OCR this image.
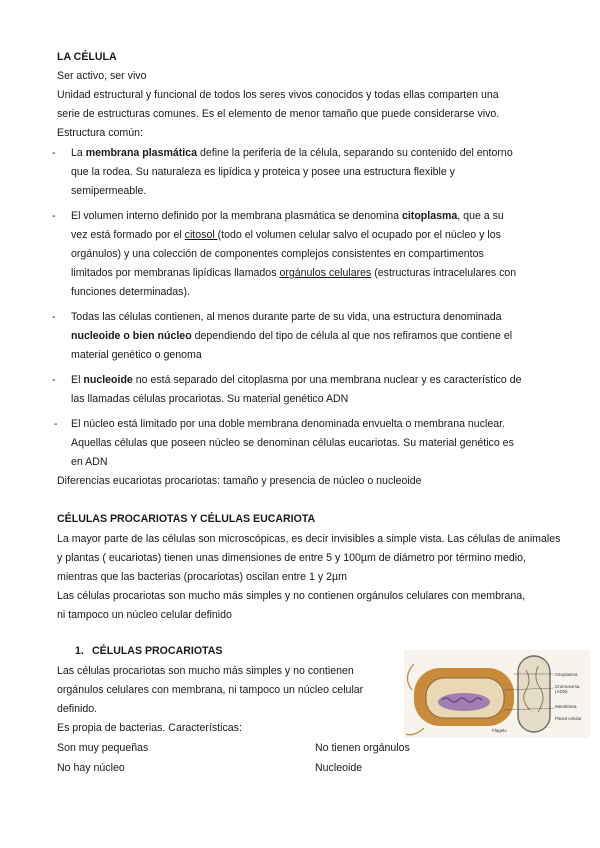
LA CÉLULA
Ser activo, ser vivo
Unidad estructural y funcional de todos los seres vivos conocidos y todas ellas comparten una
serie de estructuras comunes. Es el elemento de menor tamaño que puede considerarse vivo.
Estructura común:
- La membrana plasmática define la periferia de la célula, separando su contenido del entorno
que la rodea. Su naturaleza es lipídica y proteica y posee una estructura flexible y
semipermeable.
- El volumen interno definido por la membrana plasmática se denomina citoplasma, que a su
vez está formado por el citosol (todo el volumen celular salvo el ocupado por el núcleo y los
orgánulos) y una colección de componentes complejos consistentes en compartimentos
limitados por membranas lipídicas llamados orgánulos celulares (estructuras intracelulares con
funciones determinadas).
- Todas las células contienen, al menos durante parte de su vida, una estructura denominada
nucleoide o bien núcleo dependiendo del tipo de célula al que nos refiramos que contiene el
material genético o genoma
- El nucleoide no está separado del citoplasma por una membrana nuclear y es característico de
las llamadas células procariotas. Su material genético ADN
- El núcleo está limitado por una doble membrana denominada envuelta o membrana nuclear.
Aquellas células que poseen núcleo se denominan células eucariotas. Su material genético es
en ADN
Diferencias eucariotas procariotas: tamaño y presencia de núcleo o nucleoide
CÉLULAS PROCARIOTAS Y CÉLULAS EUCARIOTA
La mayor parte de las células son microscópicas, es decir invisibles a simple vista. Las células de animales
y plantas ( eucariotas) tienen unas dimensiones de entre 5 y 100µm de diámetro por término medio,
mientras que las bacterias (procariotas) oscilan entre 1 y 2µm
Las células procariotas son mucho más simples y no contienen orgánulos celulares con membrana,
ni tampoco un núcleo celular definido
1. CÉLULAS PROCARIOTAS
Las células procariotas son mucho más simples y no contienen
orgánulos celulares con membrana, ni tampoco un núcleo celular
definido.
Es propia de bacterias. Características:
Son muy pequeñas	No tienen orgánulos
No hay núcleo	Nucleoide
Citoplasma
Cromosoma
(ADN)
Membrana
Flagelo
Pared celular
